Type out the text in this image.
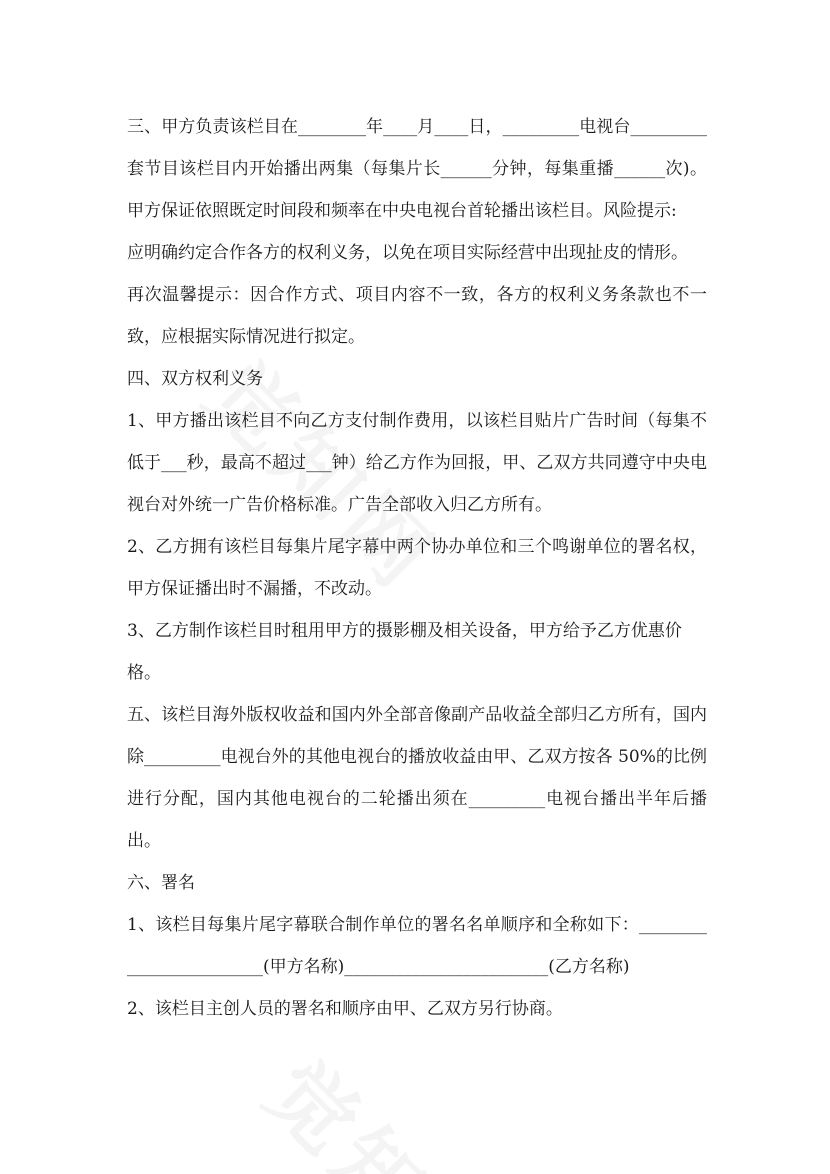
三、甲方负责该栏目在________年____月____日，_________电视台_________套节目该栏目内开始播出两集（每集片长______分钟，每集重播______次)。甲方保证依照既定时间段和频率在中央电视台首轮播出该栏目。风险提示:

应明确约定合作各方的权利义务，以免在项目实际经营中出现扯皮的情形。

再次温馨提示：因合作方式、项目内容不一致，各方的权利义务条款也不一致，应根据实际情况进行拟定。

四、双方权利义务

1、甲方播出该栏目不向乙方支付制作费用，以该栏目贴片广告时间（每集不低于___秒，最高不超过___钟）给乙方作为回报，甲、乙双方共同遵守中央电视台对外统一广告价格标准。广告全部收入归乙方所有。

2、乙方拥有该栏目每集片尾字幕中两个协办单位和三个鸣谢单位的署名权，甲方保证播出时不漏播，不改动。

3、乙方制作该栏目时租用甲方的摄影棚及相关设备，甲方给予乙方优惠价格。

五、该栏目海外版权收益和国内外全部音像副产品收益全部归乙方所有，国内除_________电视台外的其他电视台的播放收益由甲、乙双方按各 50%的比例进行分配，国内其他电视台的二轮播出须在_________电视台播出半年后播出。

六、署名

1、该栏目每集片尾字幕联合制作单位的署名名单顺序和全称如下：________________________(甲方名称)________________________(乙方名称)

2、该栏目主创人员的署名和顺序由甲、乙双方另行协商。
